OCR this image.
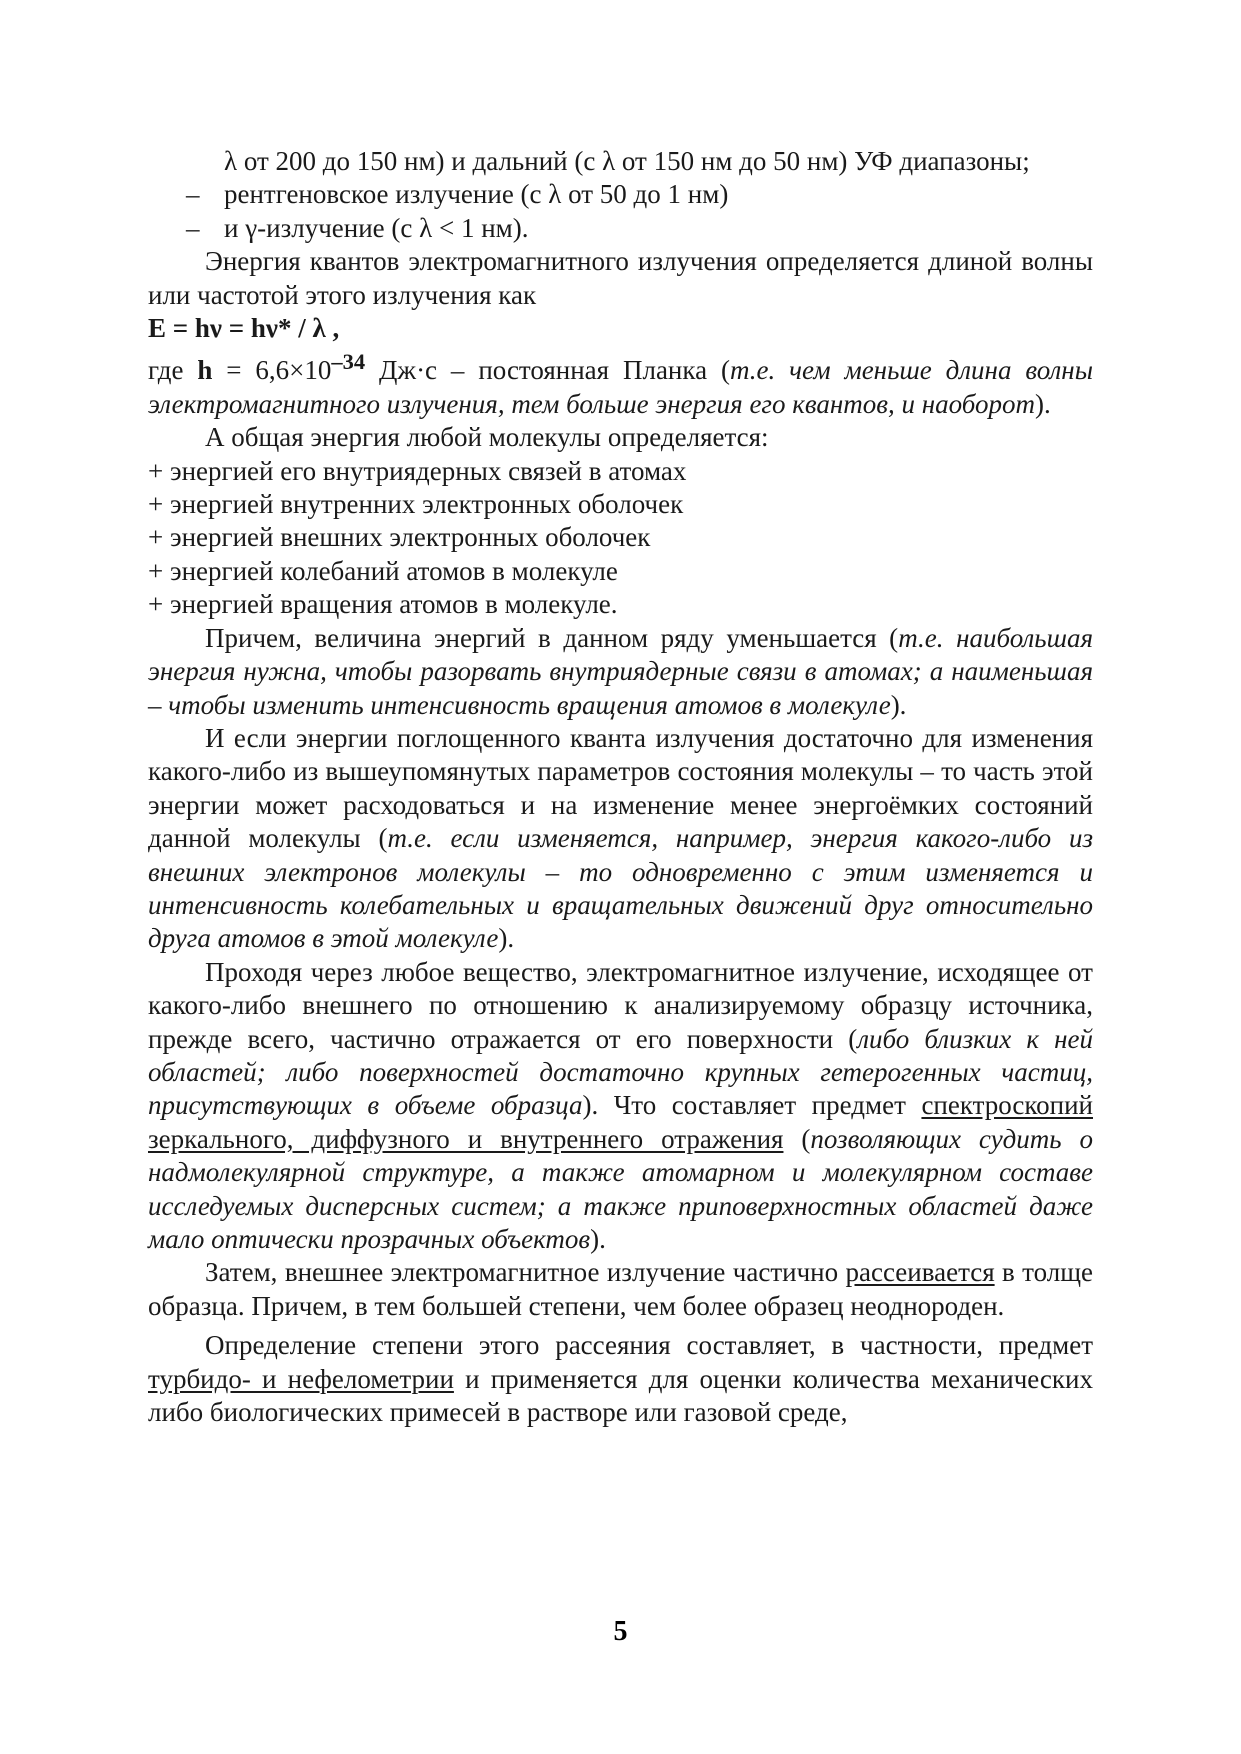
λ от 200 до 150 нм) и дальний (с λ от 150 нм до 50 нм) УФ диапазоны;

– рентгеновское излучение (с λ от 50 до 1 нм)
– и γ-излучение (с λ < 1 нм).

Энергия квантов электромагнитного излучения определяется длиной волны или частотой этого излучения как

E = hν = hν* / λ ,

где $h = 6,6\times 10^{-34}$ Дж·с – постоянная Планка (т.е. чем меньше длина волны электромагнитного излучения, тем больше энергия его квантов, и наоборот).

А общая энергия любой молекулы определяется:

+ энергией его внутриядерных связей в атомах

+ энергией внутренних электронных оболочек

+ энергией внешних электронных оболочек

+ энергией колебаний атомов в молекуле

+ энергией вращения атомов в молекуле.

Причем, величина энергий в данном ряду уменьшается (т.е. наибольшая энергия нужна, чтобы разорвать внутриядерные связи в атомах; а наименьшая – чтобы изменить интенсивность вращения атомов в молекуле).

И если энергии поглощенного кванта излучения достаточно для изменения какого-либо из вышеупомянутых параметров состояния молекулы – то часть этой энергии может расходоваться и на изменение менее энергоёмких состояний данной молекулы (т.е. если изменяется, например, энергия какого-либо из внешних электронов молекулы – то одновременно с этим изменяется и интенсивность колебательных и вращательных движений друг относительно друга атомов в этой молекуле).

Проходя через любое вещество, электромагнитное излучение, исходящее от какого-либо внешнего по отношению к анализируемому образцу источника, прежде всего, частично отражается от его поверхности (либо близких к ней областей; либо поверхностей достаточно крупных гетерогенных частиц, присутствующих в объеме образца). Что составляет предмет спектроскопий зеркального, диффузного и внутреннего отражения (позволяющих судить о надмолекулярной структуре, а также атомарном и молекулярном составе исследуемых дисперсных систем; а также приповерхностных областей даже мало оптически прозрачных объектов).

Затем, внешнее электромагнитное излучение частично рассеивается в толще образца. Причем, в тем большей степени, чем более образец неоднороден.

Определение степени этого рассеяния составляет, в частности, предмет турбидо- и нефелометрии и применяется для оценки количества механических либо биологических примесей в растворе или газовой среде,

5
